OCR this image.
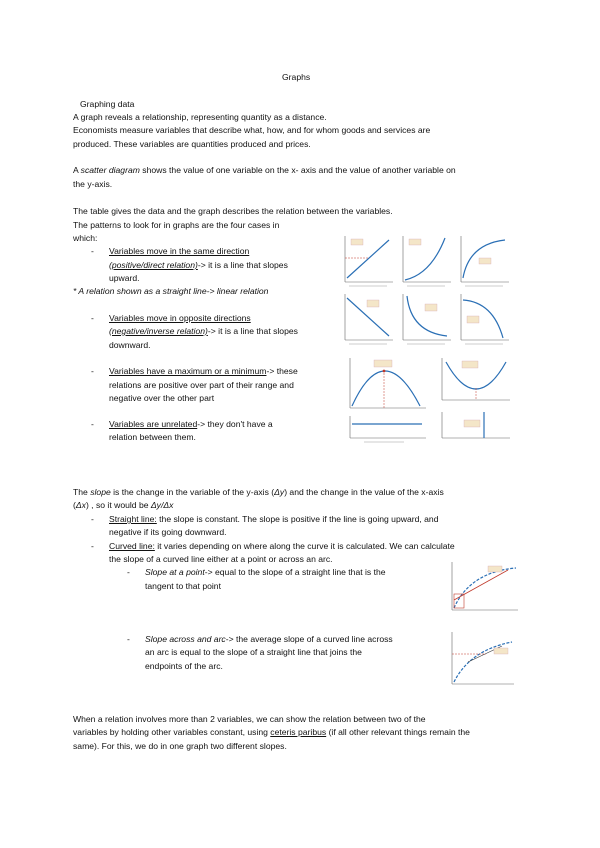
Graphs
Graphing data
A graph reveals a relationship, representing quantity as a distance.
Economists measure variables that describe what, how, and for whom goods and services are
produced. These variables are quantities produced and prices.
A scatter diagram shows the value of one variable on the x- axis and the value of another variable on
the y-axis.
The table gives the data and the graph describes the relation between the variables.
The patterns to look for in graphs are the four cases in
which:
- Variables move in the same direction
(positive/direct relation)-> it is a line that slopes
upward.
* A relation shown as a straight line-> linear relation
- Variables move in opposite directions
(negative/inverse relation)-> it is a line that slopes
downward.
- Variables have a maximum or a minimum-> these
relations are positive over part of their range and
negative over the other part
- Variables are unrelated-> they don't have a
relation between them.
The slope is the change in the variable of the y-axis (Δy) and the change in the value of the x-axis
(Δx) , so it would be Δy/Δx
- Straight line: the slope is constant. The slope is positive if the line is going upward, and
negative if its going downward.
- Curved line: it varies depending on where along the curve it is calculated. We can calculate
the slope of a curved line either at a point or across an arc.
- Slope at a point-> equal to the slope of a straight line that is the
tangent to that point
- Slope across and arc-> the average slope of a curved line across
an arc is equal to the slope of a straight line that joins the
endpoints of the arc.
When a relation involves more than 2 variables, we can show the relation between two of the
variables by holding other variables constant, using ceteris paribus (if all other relevant things remain the
same). For this, we do in one graph two different slopes.
